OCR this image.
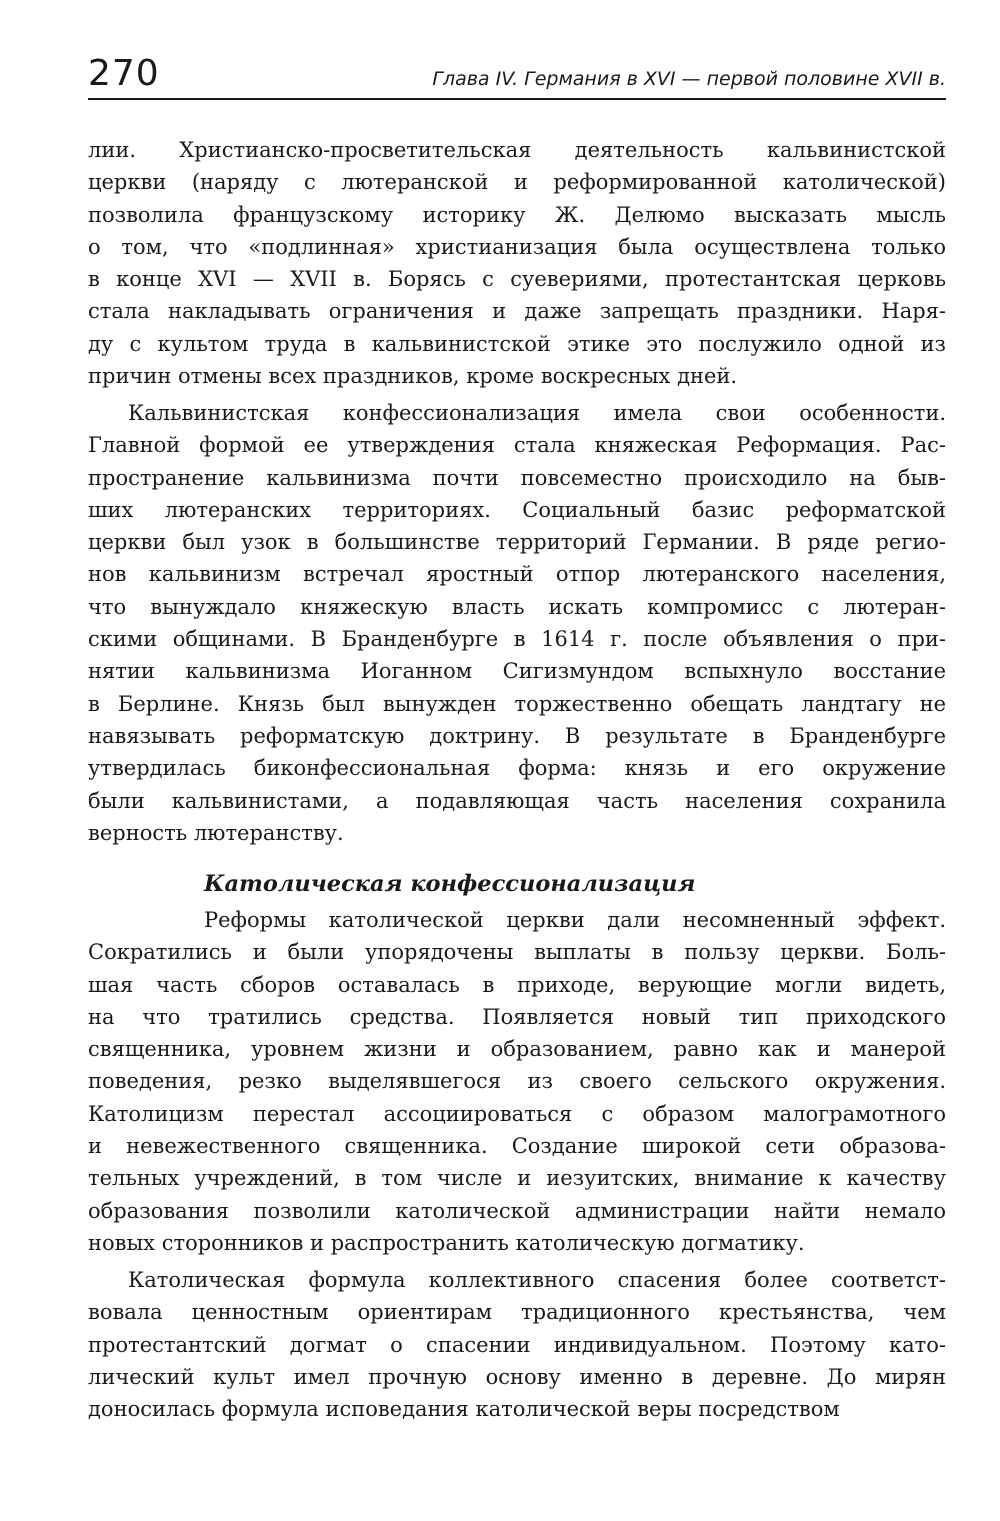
270	Глава IV. Германия в XVI — первой половине XVII в.
лии. Христианско-просветительская деятельность кальвинистской
церкви (наряду с лютеранской и реформированной католической)
позволила французскому историку Ж. Делюмо высказать мысль
о том, что «подлинная» христианизация была осуществлена только
в конце XVI — XVII в. Борясь с суевериями, протестантская церковь
стала накладывать ограничения и даже запрещать праздники. Наря-
ду с культом труда в кальвинистской этике это послужило одной из
причин отмены всех праздников, кроме воскресных дней.
Кальвинистская конфессионализация имела свои особенности.
Главной формой ее утверждения стала княжеская Реформация. Рас-
пространение кальвинизма почти повсеместно происходило на быв-
ших лютеранских территориях. Социальный базис реформатской
церкви был узок в большинстве территорий Германии. В ряде регио-
нов кальвинизм встречал яростный отпор лютеранского населения,
что вынуждало княжескую власть искать компромисс с лютеран-
скими общинами. В Бранденбурге в 1614 г. после объявления о при-
нятии кальвинизма Иоганном Сигизмундом вспыхнуло восстание
в Берлине. Князь был вынужден торжественно обещать ландтагу не
навязывать реформатскую доктрину. В результате в Бранденбурге
утвердилась биконфессиональная форма: князь и его окружение
были кальвинистами, а подавляющая часть населения сохранила
верность лютеранству.
Католическая конфессионализация
Реформы католической церкви дали несомненный эффект.
Сократились и были упорядочены выплаты в пользу церкви. Боль-
шая часть сборов оставалась в приходе, верующие могли видеть,
на что тратились средства. Появляется новый тип приходского
священника, уровнем жизни и образованием, равно как и манерой
поведения, резко выделявшегося из своего сельского окружения.
Католицизм перестал ассоциироваться с образом малограмотного
и невежественного священника. Создание широкой сети образова-
тельных учреждений, в том числе и иезуитских, внимание к качеству
образования позволили католической администрации найти немало
новых сторонников и распространить католическую догматику.
Католическая формула коллективного спасения более соответст-
вовала ценностным ориентирам традиционного крестьянства, чем
протестантский догмат о спасении индивидуальном. Поэтому като-
лический культ имел прочную основу именно в деревне. До мирян
доносилась формула исповедания католической веры посредством
